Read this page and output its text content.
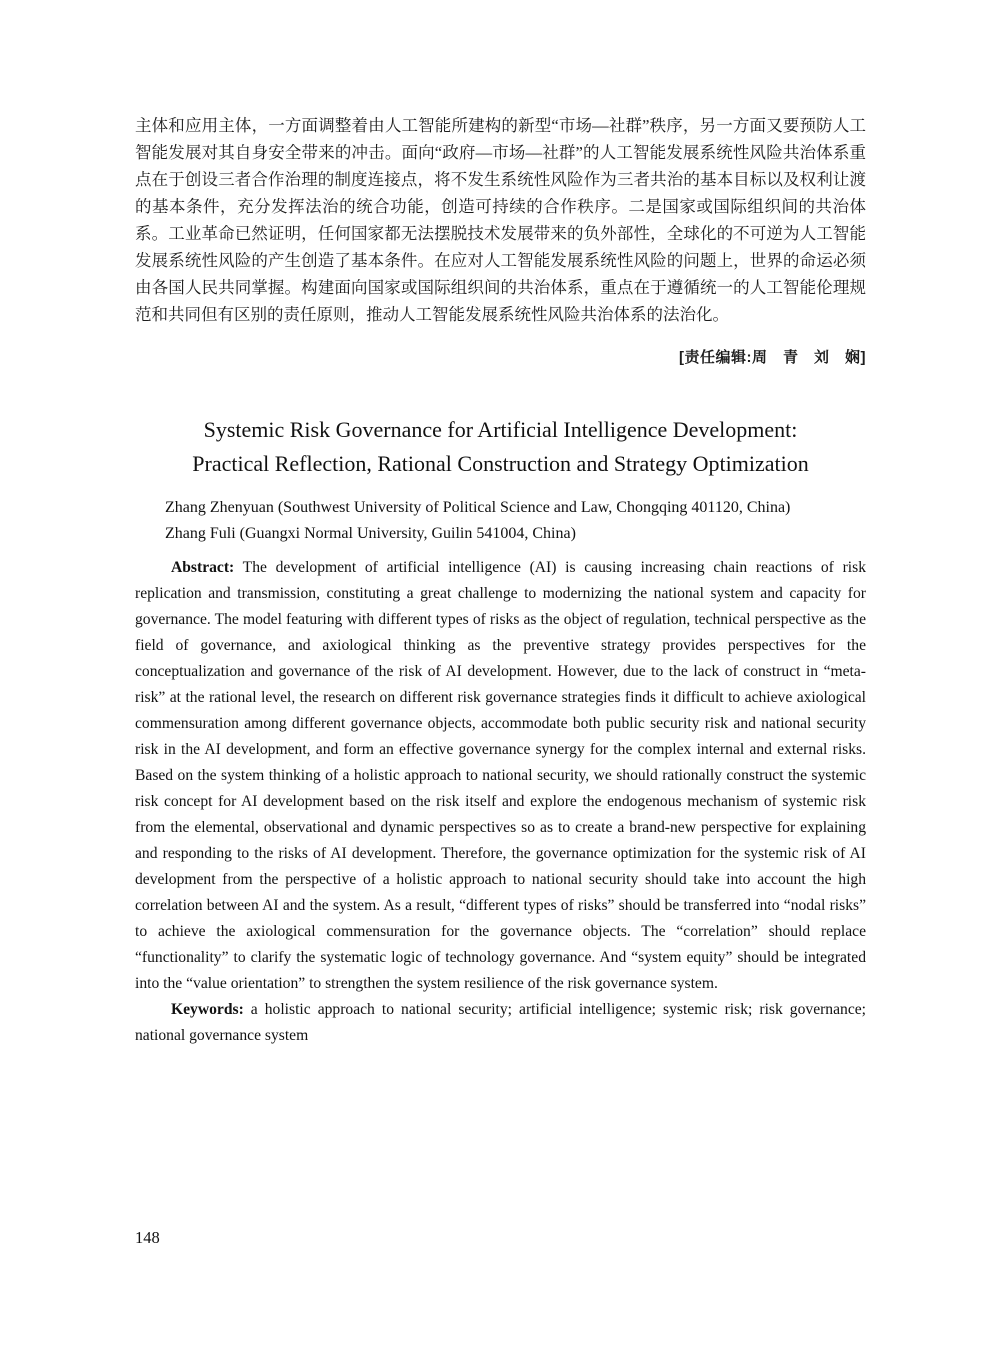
主体和应用主体，一方面调整着由人工智能所建构的新型“市场—社群”秩序，另一方面又要预防人工智能发展对其自身安全带来的冲击。面向“政府—市场—社群”的人工智能发展系统性风险共治体系重点在于创设三者合作治理的制度连接点，将不发生系统性风险作为三者共治的基本目标以及权利让渡的基本条件，充分发挥法治的统合功能，创造可持续的合作秩序。二是国家或国际组织间的共治体系。工业革命已然证明，任何国家都无法摆脱技术发展带来的负外部性，全球化的不可逆为人工智能发展系统性风险的产生创造了基本条件。在应对人工智能发展系统性风险的问题上，世界的命运必须由各国人民共同掌握。构建面向国家或国际组织间的共治体系，重点在于遵循统一的人工智能伦理规范和共同但有区别的责任原则，推动人工智能发展系统性风险共治体系的法治化。

[责任编辑:周　青　刘　娴]

Systemic Risk Governance for Artificial Intelligence Development:
Practical Reflection, Rational Construction and Strategy Optimization

Zhang Zhenyuan (Southwest University of Political Science and Law, Chongqing 401120, China)

Zhang Fuli (Guangxi Normal University, Guilin 541004, China)

Abstract: The development of artificial intelligence (AI) is causing increasing chain reactions of risk replication and transmission, constituting a great challenge to modernizing the national system and capacity for governance. The model featuring with different types of risks as the object of regulation, technical perspective as the field of governance, and axiological thinking as the preventive strategy provides perspectives for the conceptualization and governance of the risk of AI development. However, due to the lack of construct in “meta-risk” at the rational level, the research on different risk governance strategies finds it difficult to achieve axiological commensuration among different governance objects, accommodate both public security risk and national security risk in the AI development, and form an effective governance synergy for the complex internal and external risks. Based on the system thinking of a holistic approach to national security, we should rationally construct the systemic risk concept for AI development based on the risk itself and explore the endogenous mechanism of systemic risk from the elemental, observational and dynamic perspectives so as to create a brand-new perspective for explaining and responding to the risks of AI development. Therefore, the governance optimization for the systemic risk of AI development from the perspective of a holistic approach to national security should take into account the high correlation between AI and the system. As a result, “different types of risks” should be transferred into “nodal risks” to achieve the axiological commensuration for the governance objects. The “correlation” should replace “functionality” to clarify the systematic logic of technology governance. And “system equity” should be integrated into the “value orientation” to strengthen the system resilience of the risk governance system.

Keywords: a holistic approach to national security; artificial intelligence; systemic risk; risk governance; national governance system

148
